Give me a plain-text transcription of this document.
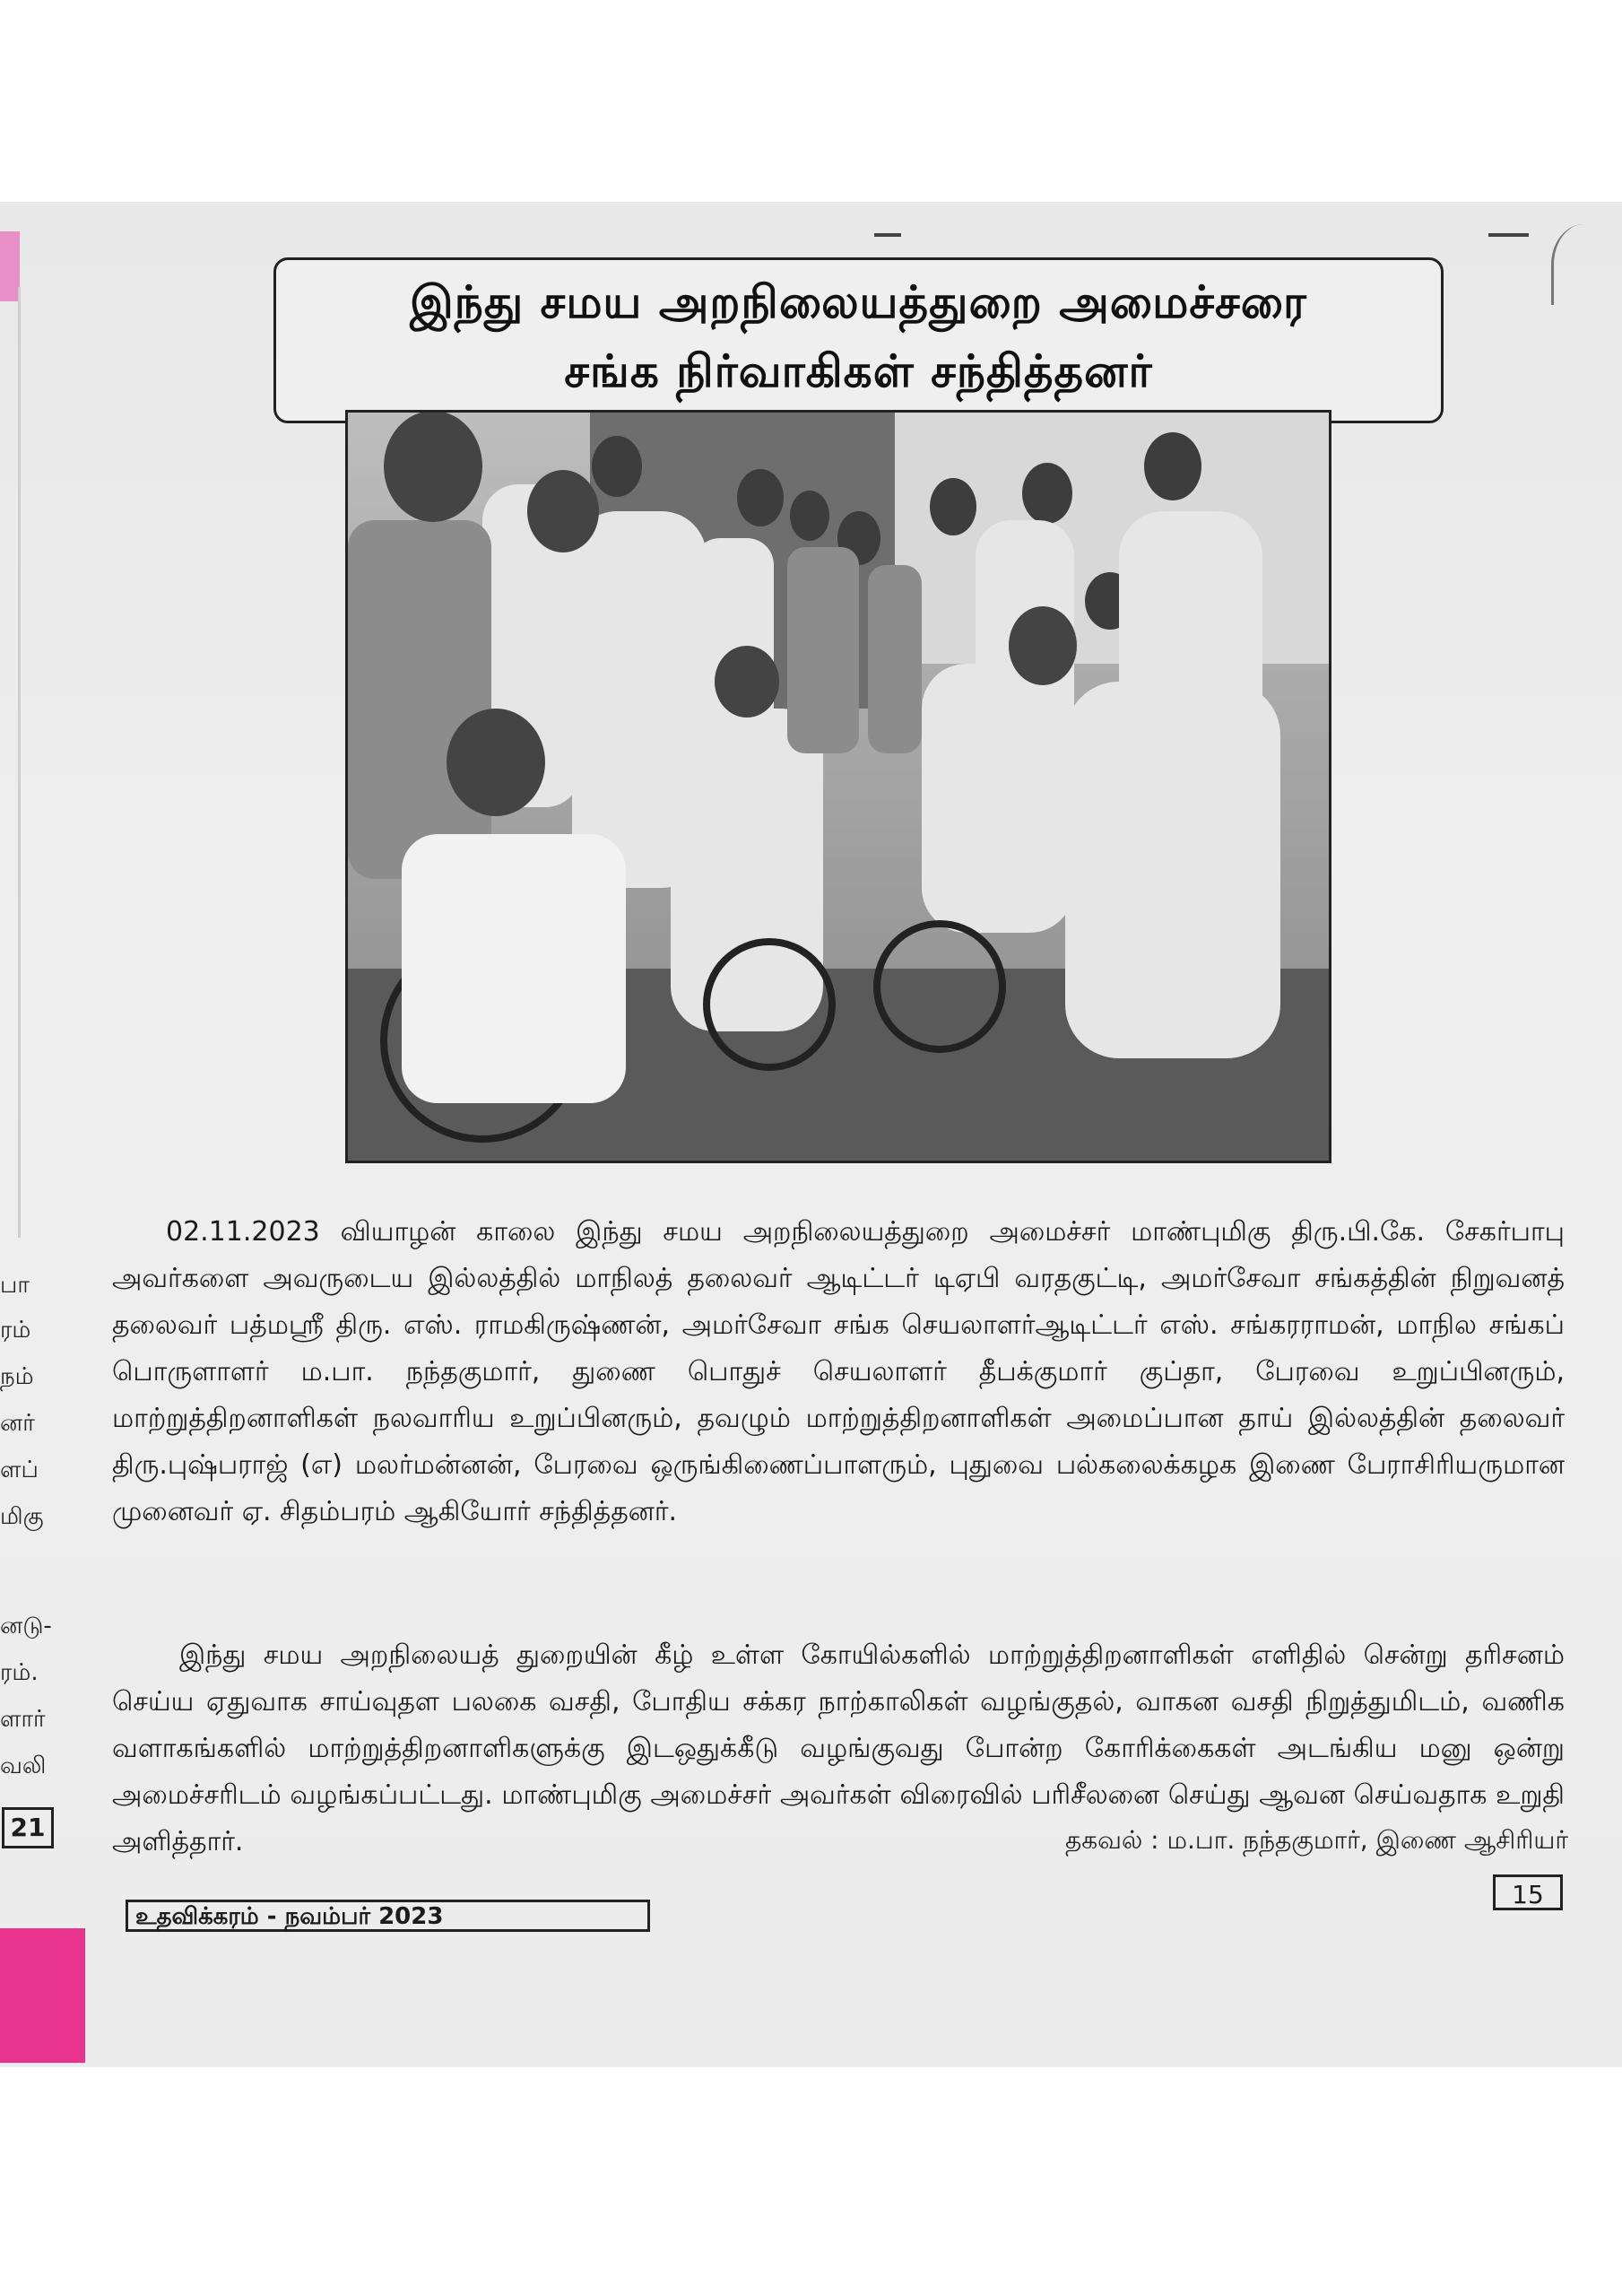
பா
ரம்
நம்
னர்
ளப்
மிகு
னடு-
ரம்.
ளார்
வலி
21
இந்து சமய அறநிலையத்துறை அமைச்சரை
சங்க நிர்வாகிகள் சந்தித்தனர்

02.11.2023 வியாழன் காலை இந்து சமய அறநிலையத்துறை அமைச்சர் மாண்புமிகு திரு.பி.கே. சேகர்பாபு அவர்களை அவருடைய இல்லத்தில் மாநிலத் தலைவர் ஆடிட்டர் டிஏபி வரதகுட்டி, அமர்சேவா சங்கத்தின் நிறுவனத் தலைவர் பத்மஸ்ரீ திரு. எஸ். ராமகிருஷ்ணன், அமர்சேவா சங்க செயலாளர்ஆடிட்டர் எஸ். சங்கரராமன், மாநில சங்கப் பொருளாளர் ம.பா. நந்தகுமார், துணை பொதுச் செயலாளர் தீபக்குமார் குப்தா, பேரவை உறுப்பினரும், மாற்றுத்திறனாளிகள் நலவாரிய உறுப்பினரும், தவழும் மாற்றுத்திறனாளிகள் அமைப்பான தாய் இல்லத்தின் தலைவர் திரு.புஷ்பராஜ் (எ) மலர்மன்னன், பேரவை ஒருங்கிணைப்பாளரும், புதுவை பல்கலைக்கழக இணை பேராசிரியருமான முனைவர் ஏ. சிதம்பரம் ஆகியோர் சந்தித்தனர்.

இந்து சமய அறநிலையத் துறையின் கீழ் உள்ள கோயில்களில் மாற்றுத்திறனாளிகள் எளிதில் சென்று தரிசனம் செய்ய ஏதுவாக சாய்வுதள பலகை வசதி, போதிய சக்கர நாற்காலிகள் வழங்குதல், வாகன வசதி நிறுத்துமிடம், வணிக வளாகங்களில் மாற்றுத்திறனாளிகளுக்கு இடஒதுக்கீடு வழங்குவது போன்ற கோரிக்கைகள் அடங்கிய மனு ஒன்று அமைச்சரிடம் வழங்கப்பட்டது. மாண்புமிகு அமைச்சர் அவர்கள் விரைவில் பரிசீலனை செய்து ஆவன செய்வதாக உறுதி அளித்தார்.	தகவல் : ம.பா. நந்தகுமார், இணை ஆசிரியர்
15
உதவிக்கரம் - நவம்பர் 2023
